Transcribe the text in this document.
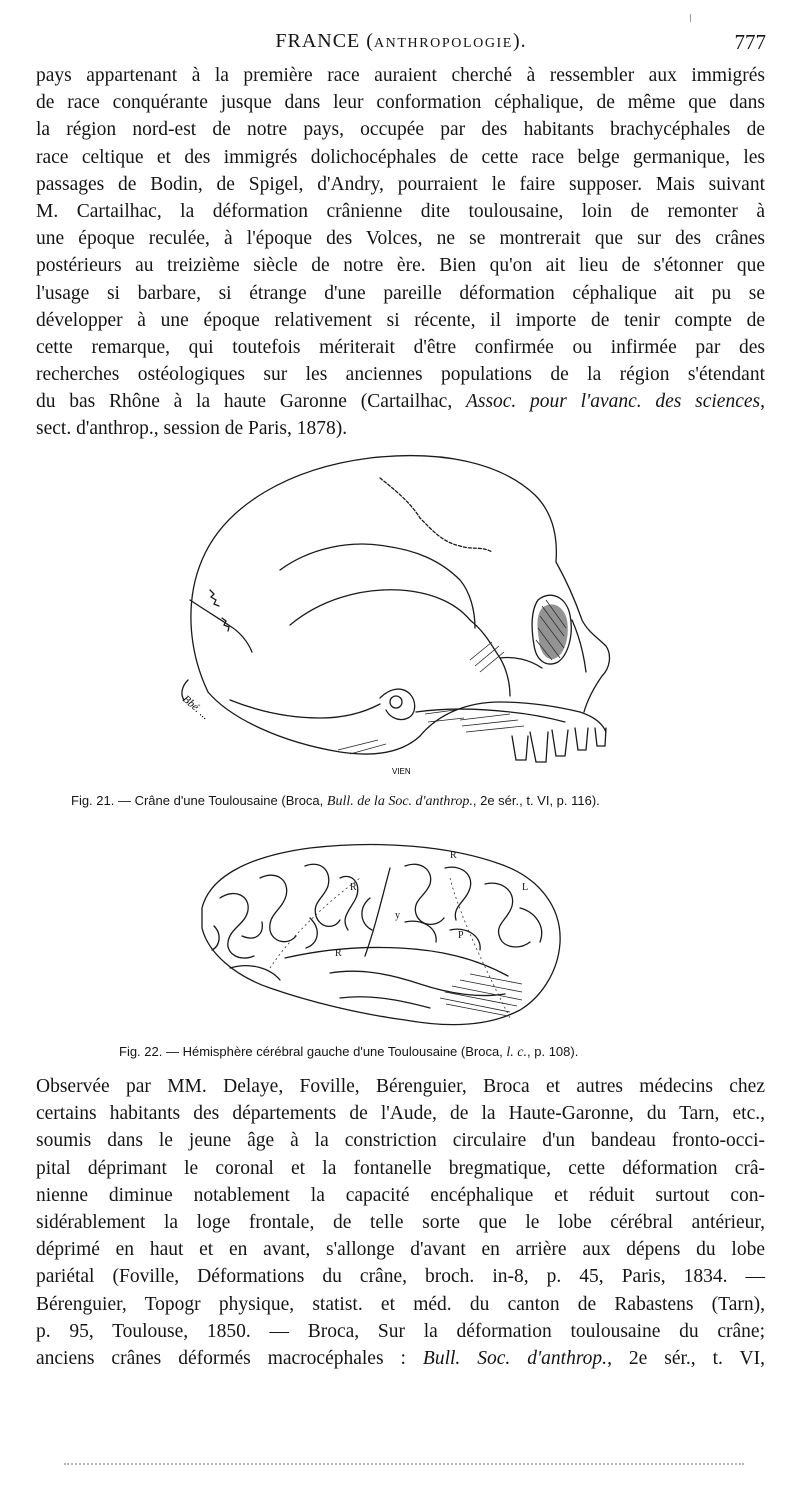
FRANCE (ANTHROPOLOGIE).	777
pays appartenant à la première race auraient cherché à ressembler aux immigrés
de race conquérante jusque dans leur conformation céphalique, de même que dans
la région nord-est de notre pays, occupée par des habitants brachycéphales de
race celtique et des immigrés dolichocéphales de cette race belge germanique, les
passages de Bodin, de Spigel, d'Andry, pourraient le faire supposer. Mais suivant
M. Cartailhac, la déformation crânienne dite toulousaine, loin de remonter à
une époque reculée, à l'époque des Volces, ne se montrerait que sur des crânes
postérieurs au treizième siècle de notre ère. Bien qu'on ait lieu de s'étonner que
l'usage si barbare, si étrange d'une pareille déformation céphalique ait pu se
développer à une époque relativement si récente, il importe de tenir compte de
cette remarque, qui toutefois mériterait d'être confirmée ou infirmée par des
recherches ostéologiques sur les anciennes populations de la région s'étendant
du bas Rhône à la haute Garonne (Cartailhac, Assoc. pour l'avanc. des sciences,
sect. d'anthrop., session de Paris, 1878).
Bbé. ...
VIEN
Fig. 21. — Crâne d'une Toulousaine (Broca, Bull. de la Soc. d'anthrop., 2e sér., t. VI, p. 116).
R
R
L
R
P
y
Fig. 22. — Hémisphère cérébral gauche d'une Toulousaine (Broca, l. c., p. 108).
Observée par MM. Delaye, Foville, Bérenguier, Broca et autres médecins chez
certains habitants des départements de l'Aude, de la Haute-Garonne, du Tarn, etc.,
soumis dans le jeune âge à la constriction circulaire d'un bandeau fronto-occi-
pital déprimant le coronal et la fontanelle bregmatique, cette déformation crâ-
nienne diminue notablement la capacité encéphalique et réduit surtout con-
sidérablement la loge frontale, de telle sorte que le lobe cérébral antérieur,
déprimé en haut et en avant, s'allonge d'avant en arrière aux dépens du lobe
pariétal (Foville, Déformations du crâne, broch. in-8, p. 45, Paris, 1834. —
Bérenguier, Topogr physique, statist. et méd. du canton de Rabastens (Tarn),
p. 95, Toulouse, 1850. — Broca, Sur la déformation toulousaine du crâne;
anciens crânes déformés macrocéphales : Bull. Soc. d'anthrop., 2e sér., t. VI,
